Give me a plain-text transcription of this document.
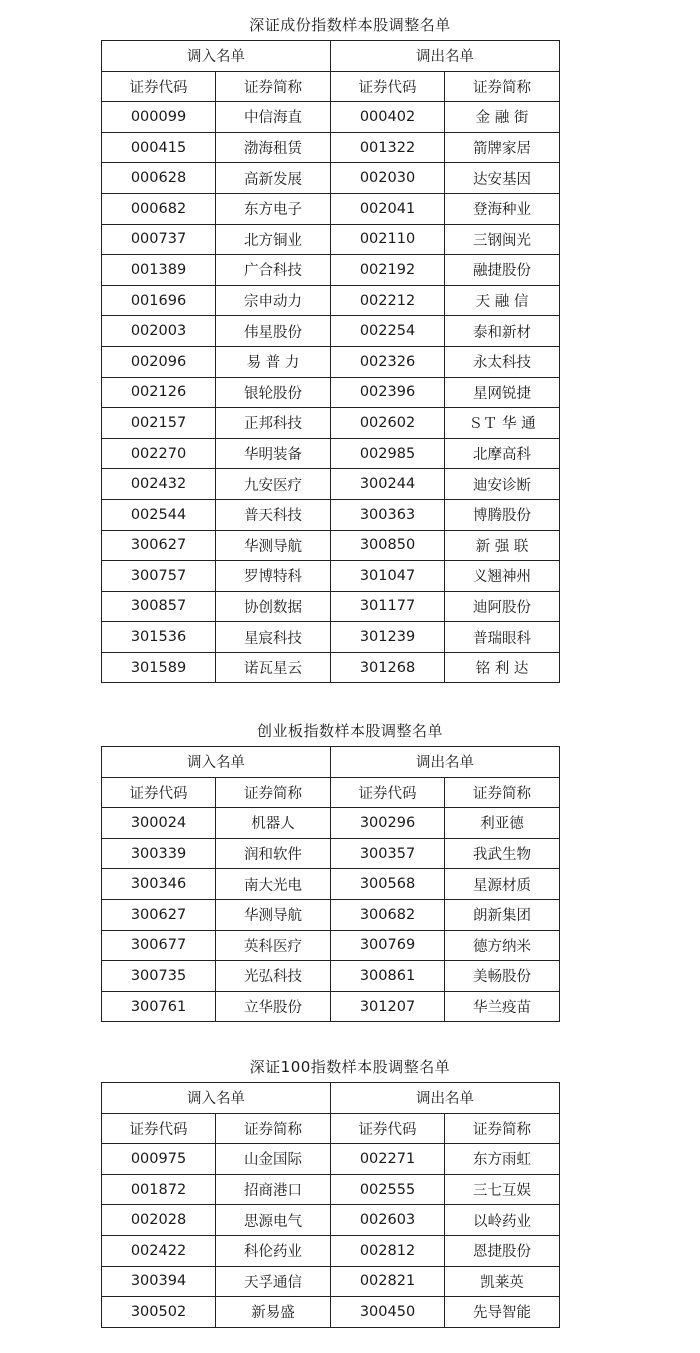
深证成份指数样本股调整名单
调入名单		调出名单	
证券代码	证券简称	证券代码	证券简称
000099	中信海直	000402	金 融 街
000415	渤海租赁	001322	箭牌家居
000628	高新发展	002030	达安基因
000682	东方电子	002041	登海种业
000737	北方铜业	002110	三钢闽光
001389	广合科技	002192	融捷股份
001696	宗申动力	002212	天 融 信
002003	伟星股份	002254	泰和新材
002096	易 普 力	002326	永太科技
002126	银轮股份	002396	星网锐捷
002157	正邦科技	002602	ＳＴ 华 通
002270	华明装备	002985	北摩高科
002432	九安医疗	300244	迪安诊断
002544	普天科技	300363	博腾股份
300627	华测导航	300850	新 强 联
300757	罗博特科	301047	义翘神州
300857	协创数据	301177	迪阿股份
301536	星宸科技	301239	普瑞眼科
301589	诺瓦星云	301268	铭 利 达
创业板指数样本股调整名单
调入名单		调出名单	
证券代码	证券简称	证券代码	证券简称
300024	机器人	300296	利亚德
300339	润和软件	300357	我武生物
300346	南大光电	300568	星源材质
300627	华测导航	300682	朗新集团
300677	英科医疗	300769	德方纳米
300735	光弘科技	300861	美畅股份
300761	立华股份	301207	华兰疫苗
深证100指数样本股调整名单
调入名单		调出名单	
证券代码	证券简称	证券代码	证券简称
000975	山金国际	002271	东方雨虹
001872	招商港口	002555	三七互娱
002028	思源电气	002603	以岭药业
002422	科伦药业	002812	恩捷股份
300394	天孚通信	002821	凯莱英
300502	新易盛	300450	先导智能
